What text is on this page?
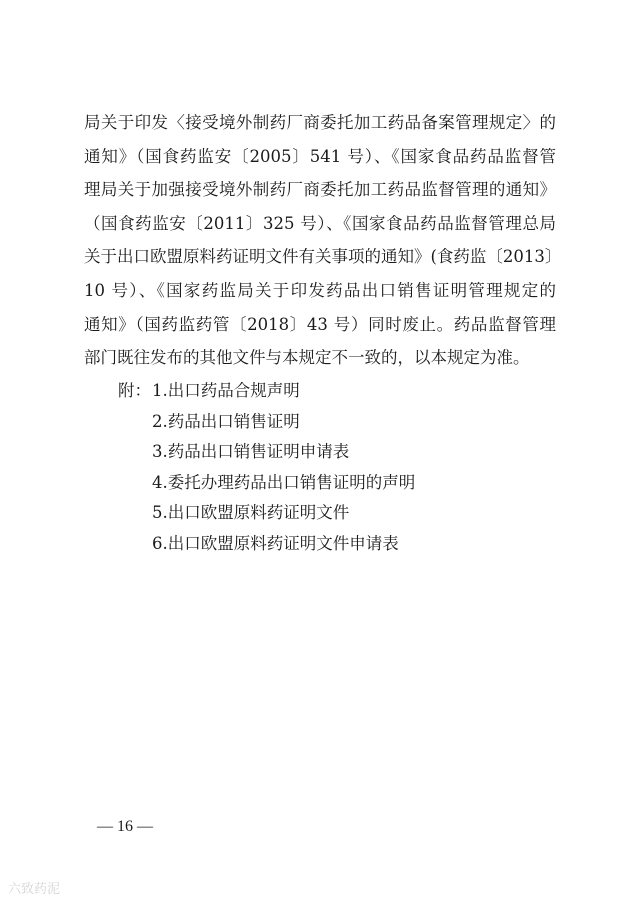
局关于印发〈接受境外制药厂商委托加工药品备案管理规定〉的
通知》（国食药监安〔2005〕541 号）、《国家食品药品监督管
理局关于加强接受境外制药厂商委托加工药品监督管理的通知》
（国食药监安〔2011〕325 号）、《国家食品药品监督管理总局
关于出口欧盟原料药证明文件有关事项的通知》(食药监〔2013〕
10 号）、《国家药监局关于印发药品出口销售证明管理规定的
通知》（国药监药管〔2018〕43 号）同时废止。药品监督管理
部门既往发布的其他文件与本规定不一致的，以本规定为准。
附： 1.出口药品合规声明
2.药品出口销售证明
3.药品出口销售证明申请表
4.委托办理药品出口销售证明的声明
5.出口欧盟原料药证明文件
6.出口欧盟原料药证明文件申请表
— 16 —
六致药泥
